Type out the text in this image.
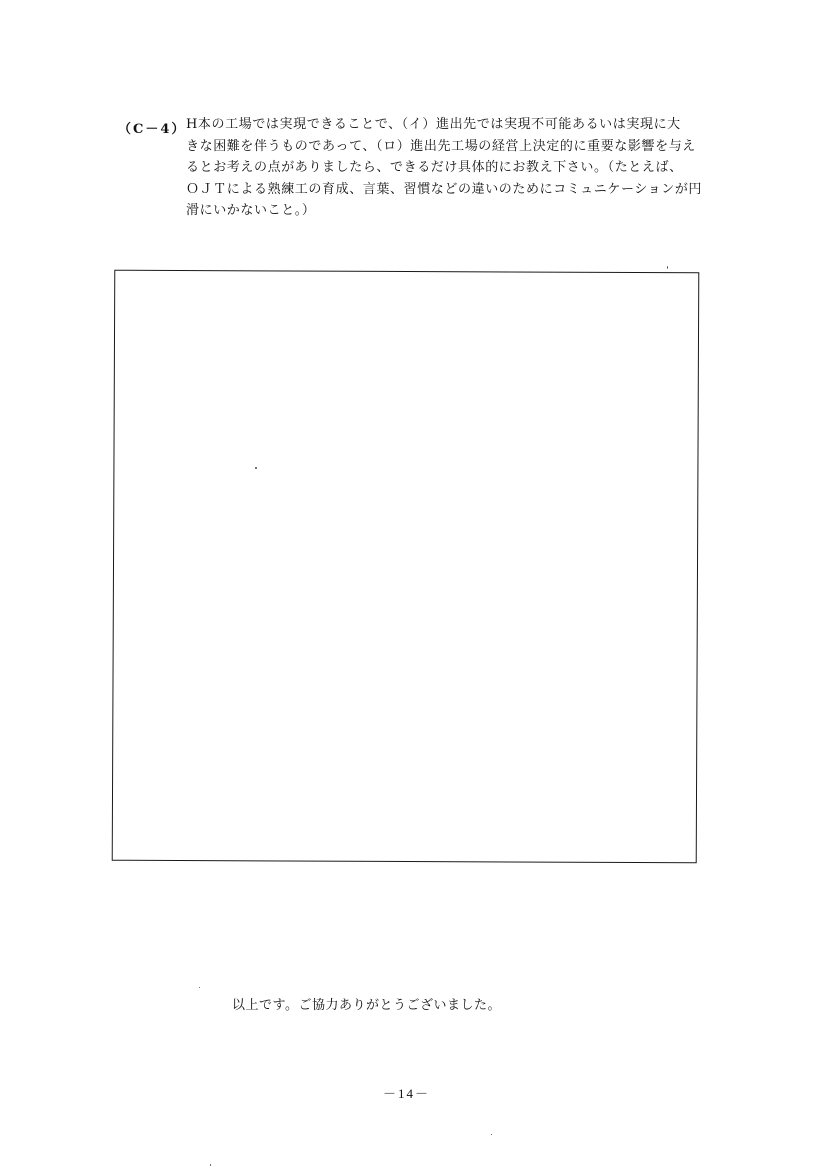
（C－4） H本の工場では実現できることで、（イ）進出先では実現不可能あるいは実現に大
きな困難を伴うものであって、（ロ）進出先工場の経営上決定的に重要な影響を与え
るとお考えの点がありましたら、できるだけ具体的にお教え下さい。（たとえば、
ＯＪＴによる熟練工の育成、言葉、習慣などの違いのためにコミュニケーションが円
滑にいかないこと。）
以上です。ご協力ありがとうございました。
－14－
